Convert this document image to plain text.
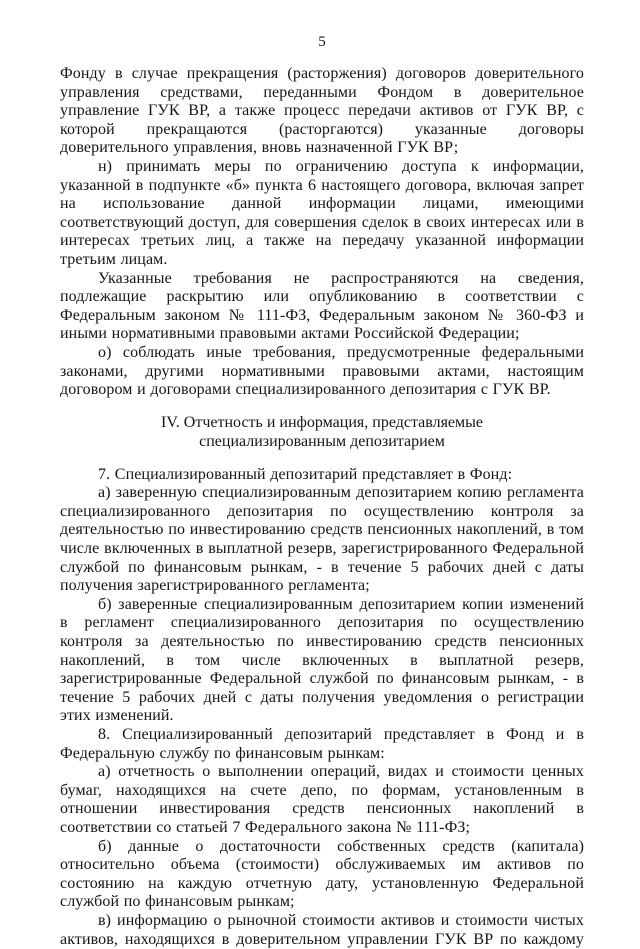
5

Фонду в случае прекращения (расторжения) договоров доверительного управления средствами, переданными Фондом в доверительное управление ГУК ВР, а также процесс передачи активов от ГУК ВР, с которой прекращаются (расторгаются) указанные договоры доверительного управления, вновь назначенной ГУК ВР;

н) принимать меры по ограничению доступа к информации, указанной в подпункте «б» пункта 6 настоящего договора, включая запрет на использование данной информации лицами, имеющими соответствующий доступ, для совершения сделок в своих интересах или в интересах третьих лиц, а также на передачу указанной информации третьим лицам.

Указанные требования не распространяются на сведения, подлежащие раскрытию или опубликованию в соответствии с Федеральным законом № 111-ФЗ, Федеральным законом № 360-ФЗ и иными нормативными правовыми актами Российской Федерации;

о) соблюдать иные требования, предусмотренные федеральными законами, другими нормативными правовыми актами, настоящим договором и договорами специализированного депозитария с ГУК ВР.

IV. Отчетность и информация, представляемые
специализированным депозитарием

7. Специализированный депозитарий представляет в Фонд:

а) заверенную специализированным депозитарием копию регламента специализированного депозитария по осуществлению контроля за деятельностью по инвестированию средств пенсионных накоплений, в том числе включенных в выплатной резерв, зарегистрированного Федеральной службой по финансовым рынкам, - в течение 5 рабочих дней с даты получения зарегистрированного регламента;

б) заверенные специализированным депозитарием копии изменений в регламент специализированного депозитария по осуществлению контроля за деятельностью по инвестированию средств пенсионных накоплений, в том числе включенных в выплатной резерв, зарегистрированные Федеральной службой по финансовым рынкам, - в течение 5 рабочих дней с даты получения уведомления о регистрации этих изменений.

8. Специализированный депозитарий представляет в Фонд и в Федеральную службу по финансовым рынкам:

а) отчетность о выполнении операций, видах и стоимости ценных бумаг, находящихся на счете депо, по формам, установленным в отношении инвестирования средств пенсионных накоплений в соответствии со статьей 7 Федерального закона № 111-ФЗ;

б) данные о достаточности собственных средств (капитала) относительно объема (стоимости) обслуживаемых им активов по состоянию на каждую отчетную дату, установленную Федеральной службой по финансовым рынкам;

в) информацию о рыночной стоимости активов и стоимости чистых активов, находящихся в доверительном управлении ГУК ВР по каждому
